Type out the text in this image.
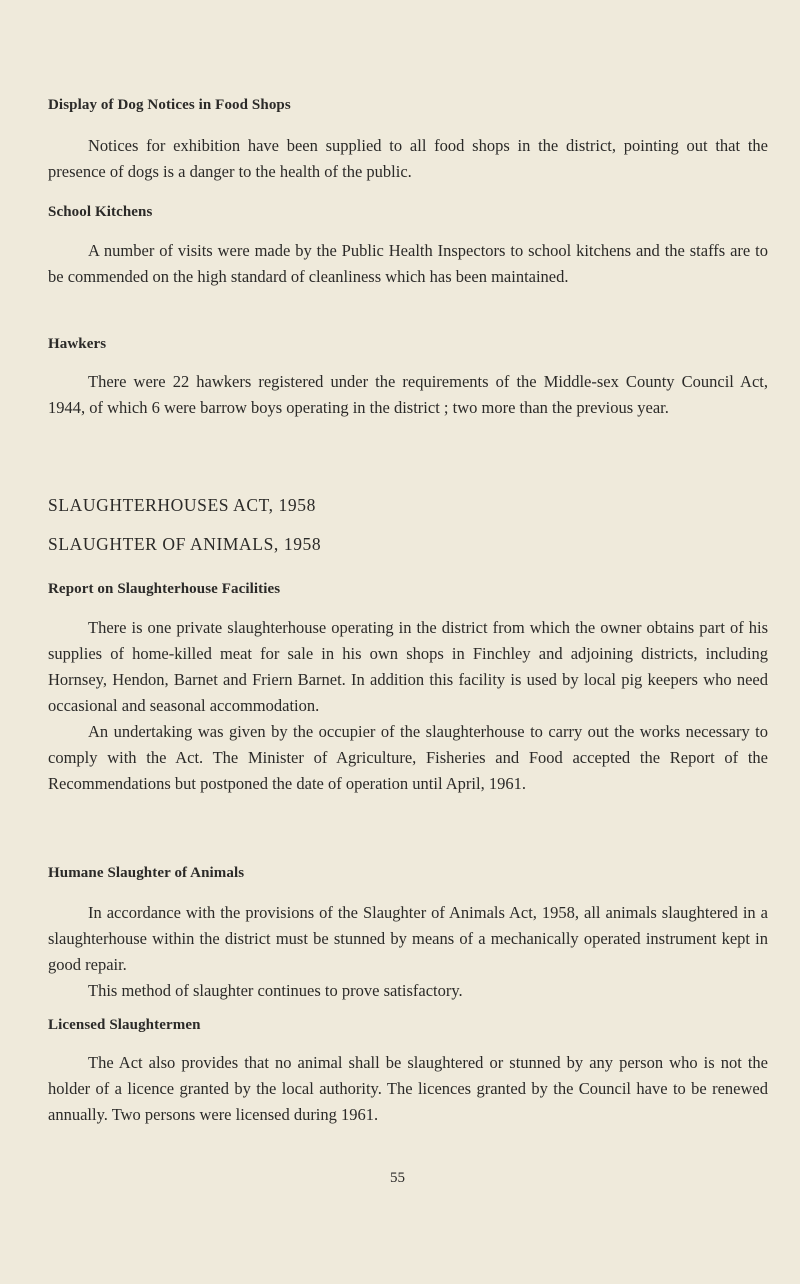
Display of Dog Notices in Food Shops
Notices for exhibition have been supplied to all food shops in the district, pointing out that the presence of dogs is a danger to the health of the public.
School Kitchens
A number of visits were made by the Public Health Inspectors to school kitchens and the staffs are to be commended on the high standard of cleanliness which has been maintained.
Hawkers
There were 22 hawkers registered under the requirements of the Middle-sex County Council Act, 1944, of which 6 were barrow boys operating in the district ; two more than the previous year.
SLAUGHTERHOUSES ACT, 1958
SLAUGHTER OF ANIMALS, 1958
Report on Slaughterhouse Facilities
There is one private slaughterhouse operating in the district from which the owner obtains part of his supplies of home-killed meat for sale in his own shops in Finchley and adjoining districts, including Hornsey, Hendon, Barnet and Friern Barnet. In addition this facility is used by local pig keepers who need occasional and seasonal accommodation.
An undertaking was given by the occupier of the slaughterhouse to carry out the works necessary to comply with the Act. The Minister of Agriculture, Fisheries and Food accepted the Report of the Recommendations but postponed the date of operation until April, 1961.
Humane Slaughter of Animals
In accordance with the provisions of the Slaughter of Animals Act, 1958, all animals slaughtered in a slaughterhouse within the district must be stunned by means of a mechanically operated instrument kept in good repair.
This method of slaughter continues to prove satisfactory.
Licensed Slaughtermen
The Act also provides that no animal shall be slaughtered or stunned by any person who is not the holder of a licence granted by the local authority. The licences granted by the Council have to be renewed annually. Two persons were licensed during 1961.
55
